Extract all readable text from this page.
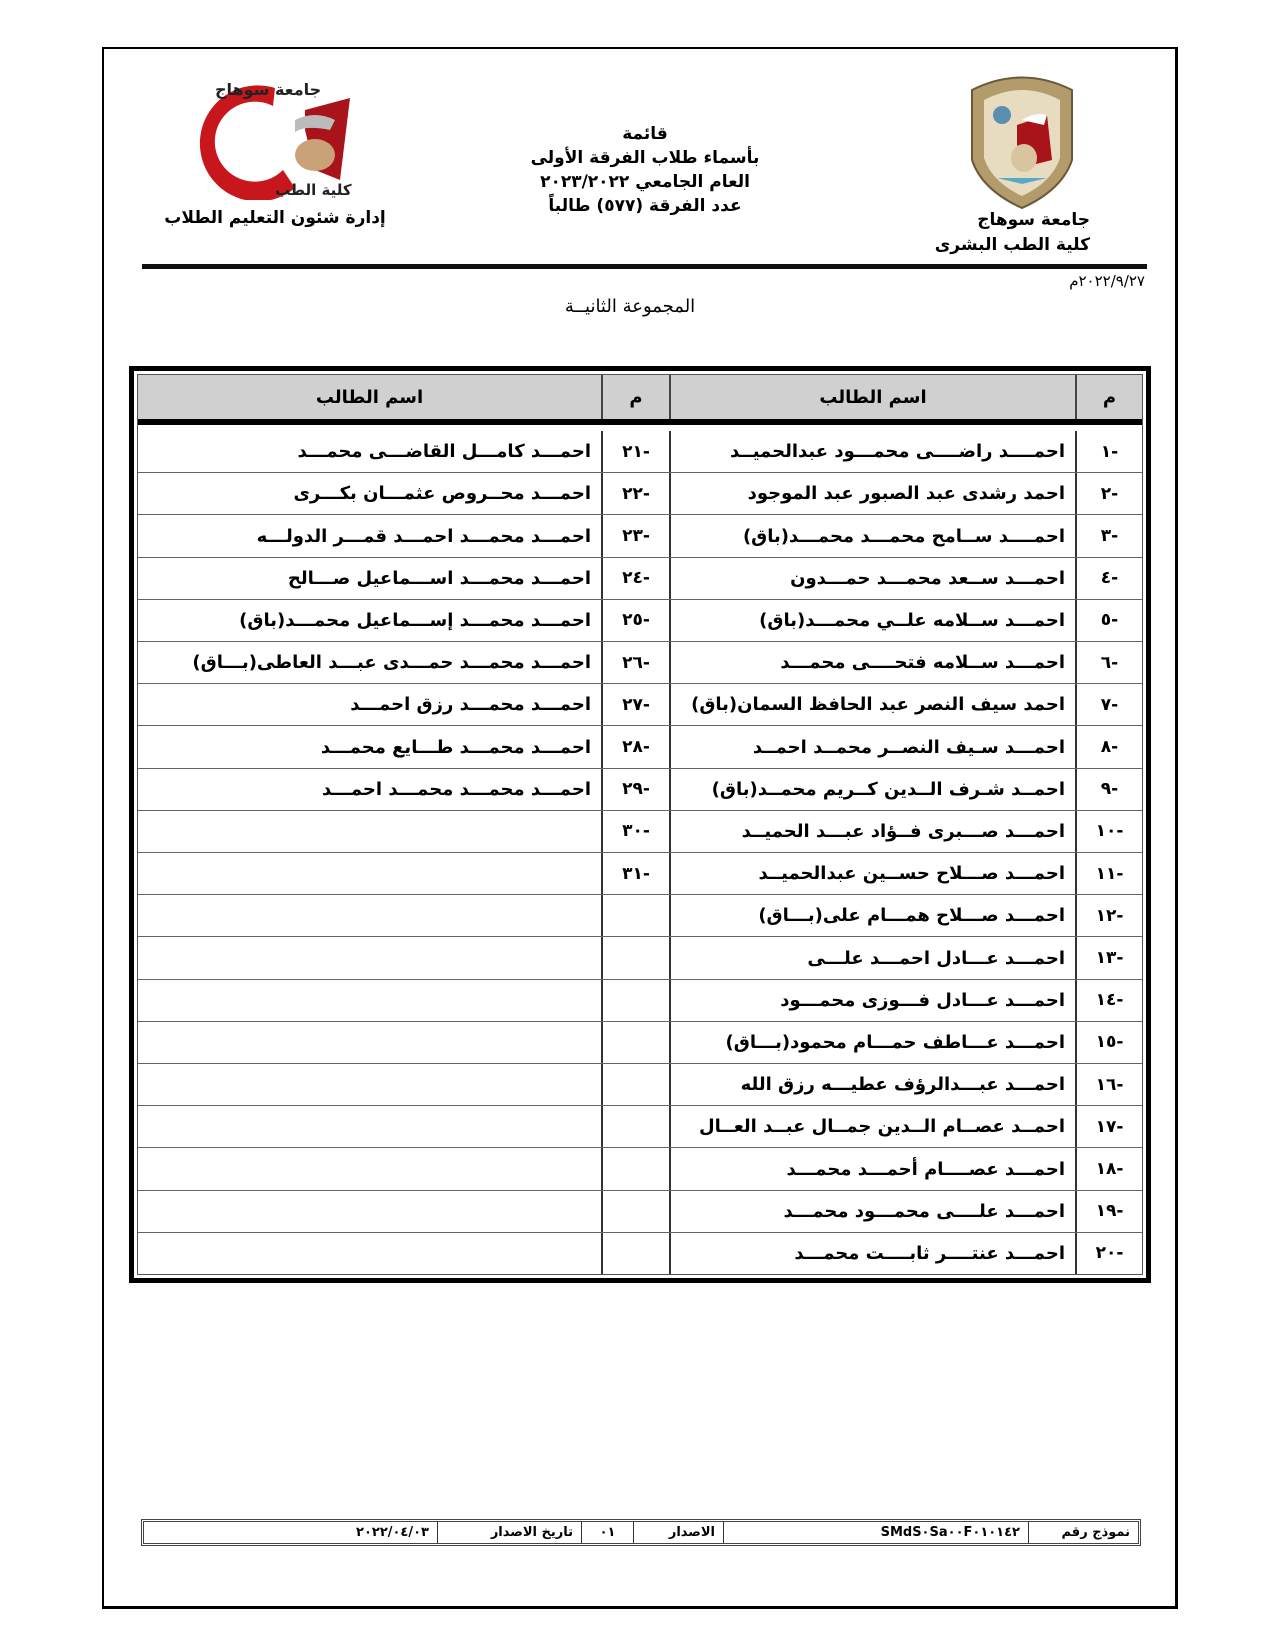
جامعة سوهاج
كلية الطب
قائمة
بأسماء طلاب الفرقة الأولى
العام الجامعي ٢٠٢٣/٢٠٢٢
عدد الفرقة (٥٧٧) طالباً
إدارة شئون التعليم الطلاب	جامعة سوهاج
كلية الطب البشرى
٢٠٢٢/٩/٢٧م
المجموعة الثانيــة
م
اسم الطالب
م
اسم الطالب
-١
احمــــد راضــــى محمـــود عبدالحميــد
-٢١
احمـــد كامـــل القاضـــى محمـــد
-٢
احمد رشدى عبد الصبور عبد الموجود
-٢٢
احمـــد محــروص عثمـــان بكـــرى
-٣
احمــــد ســامح محمـــد محمـــد(باق)
-٢٣
احمـــد محمـــد احمـــد قمـــر الدولـــه
-٤
احمـــد ســعد محمـــد حمـــدون
-٢٤
احمـــد محمـــد اســـماعيل صـــالح
-٥
احمـــد ســلامه علــي محمـــد(باق)
-٢٥
احمـــد محمـــد إســـماعيل محمـــد(باق)
-٦
احمـــد ســلامه فتحــــى محمـــد
-٢٦
احمـــد محمـــد حمـــدى عبـــد العاطى(بـــاق)
-٧
احمد سيف النصر عبد الحافظ السمان(باق)
-٢٧
احمـــد محمـــد رزق احمـــد
-٨
احمـــد سـيف النصــر محمــد احمــد
-٢٨
احمـــد محمـــد طـــايع محمـــد
-٩
احمــد شـرف الــدين كــريم محمــد(باق)
-٢٩
احمـــد محمـــد محمـــد احمـــد
-١٠
احمـــد صـــبرى فــؤاد عبـــد الحميــد
-٣٠
-١١
احمـــد صـــلاح حســين عبدالحميــد
-٣١
-١٢
احمـــد صـــلاح همـــام على(بـــاق)
-١٣
احمـــد عـــادل احمـــد علـــى
-١٤
احمـــد عـــادل فـــوزى محمـــود
-١٥
احمـــد عـــاطف حمـــام محمود(بـــاق)
-١٦
احمـــد عبـــدالرؤف عطيـــه رزق الله
-١٧
احمــد عصــام الــدين جمــال عبــد العــال
-١٨
احمـــد عصــــام أحمـــد محمـــد
-١٩
احمـــد علــــى محمـــود محمـــد
-٢٠
احمـــد عنتــــر ثابــــت محمـــد
نموذج رقم
SMdS٠Sa٠٠F٠١٠١٤٢
الاصدار
٠١
تاريخ الاصدار
٢٠٢٢/٠٤/٠٣
